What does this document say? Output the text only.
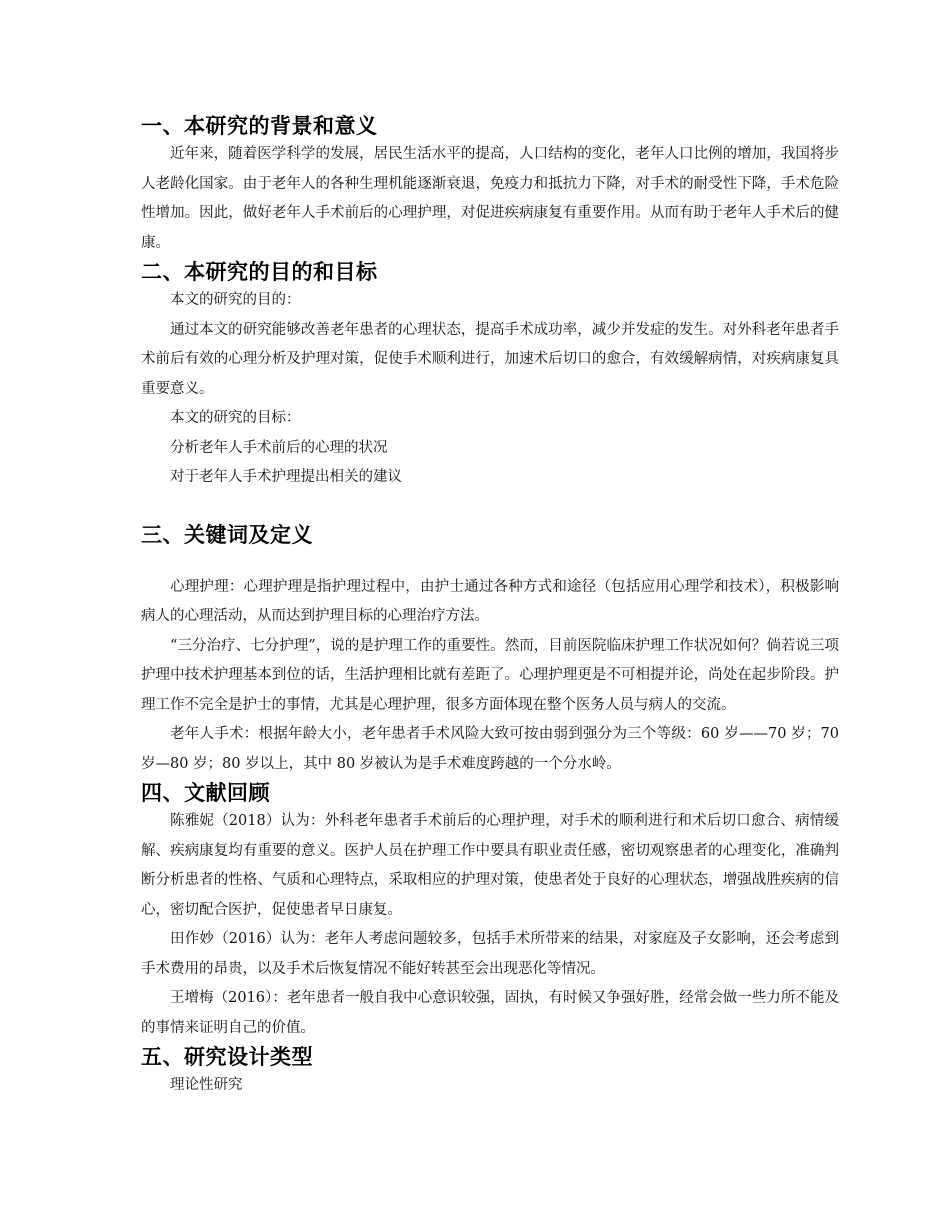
一、本研究的背景和意义

近年来，随着医学科学的发展，居民生活水平的提高，人口结构的变化，老年人口比例的增加，我国将步人老龄化国家。由于老年人的各种生理机能逐渐衰退，免疫力和抵抗力下降，对手术的耐受性下降，手术危险性增加。因此，做好老年人手术前后的心理护理，对促进疾病康复有重要作用。从而有助于老年人手术后的健康。

二、本研究的目的和目标

本文的研究的目的：

通过本文的研究能够改善老年患者的心理状态，提高手术成功率，减少并发症的发生。对外科老年患者手术前后有效的心理分析及护理对策，促使手术顺利进行，加速术后切口的愈合，有效缓解病情，对疾病康复具重要意义。

本文的研究的目标：

分析老年人手术前后的心理的状况

对于老年人手术护理提出相关的建议

三、关键词及定义

心理护理：心理护理是指护理过程中，由护士通过各种方式和途径（包括应用心理学和技术），积极影响病人的心理活动，从而达到护理目标的心理治疗方法。

“三分治疗、七分护理”，说的是护理工作的重要性。然而，目前医院临床护理工作状况如何？倘若说三项护理中技术护理基本到位的话，生活护理相比就有差距了。心理护理更是不可相提并论，尚处在起步阶段。护理工作不完全是护士的事情，尤其是心理护理，很多方面体现在整个医务人员与病人的交流。

老年人手术：根据年龄大小，老年患者手术风险大致可按由弱到强分为三个等级：60 岁——70 岁；70 岁—80 岁；80 岁以上，其中 80 岁被认为是手术难度跨越的一个分水岭。

四、文献回顾

陈雅妮（2018）认为：外科老年患者手术前后的心理护理，对手术的顺利进行和术后切口愈合、病情缓解、疾病康复均有重要的意义。医护人员在护理工作中要具有职业责任感，密切观察患者的心理变化，准确判断分析患者的性格、气质和心理特点，采取相应的护理对策，使患者处于良好的心理状态，增强战胜疾病的信心，密切配合医护，促使患者早日康复。

田作妙（2016）认为：老年人考虑问题较多，包括手术所带来的结果，对家庭及子女影响，还会考虑到手术费用的昂贵，以及手术后恢复情况不能好转甚至会出现恶化等情况。

王增梅（2016）：老年患者一般自我中心意识较强，固执，有时候又争强好胜，经常会做一些力所不能及的事情来证明自己的价值。

五、研究设计类型

理论性研究
